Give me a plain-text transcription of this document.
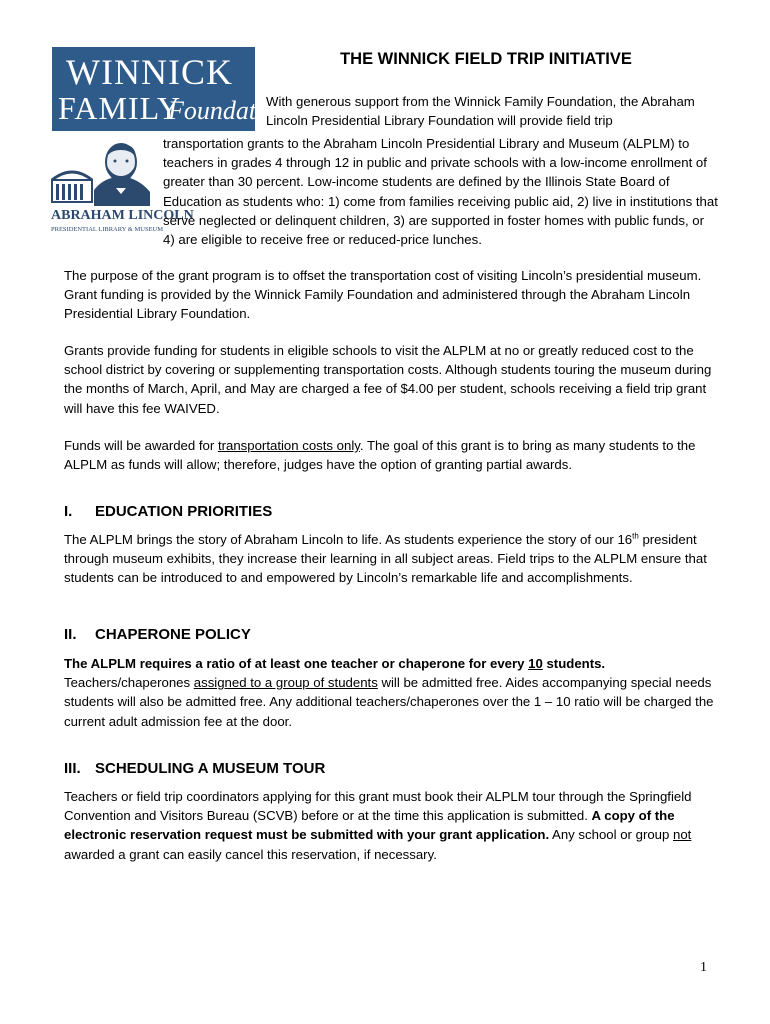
WINNICK
FAMILY
Foundation
ABRAHAM LINCOLN
PRESIDENTIAL LIBRARY & MUSEUM
THE WINNICK FIELD TRIP INITIATIVE

With generous support from the Winnick Family Foundation, the Abraham Lincoln Presidential Library Foundation will provide field trip

transportation grants to the Abraham Lincoln Presidential Library and Museum (ALPLM) to teachers in grades 4 through 12 in public and private schools with a low-income enrollment of greater than 30 percent. Low-income students are defined by the Illinois State Board of Education as students who: 1) come from families receiving public aid, 2) live in institutions that serve neglected or delinquent children, 3) are supported in foster homes with public funds, or 4) are eligible to receive free or reduced-price lunches.

The purpose of the grant program is to offset the transportation cost of visiting Lincoln’s presidential museum. Grant funding is provided by the Winnick Family Foundation and administered through the Abraham Lincoln Presidential Library Foundation.

Grants provide funding for students in eligible schools to visit the ALPLM at no or greatly reduced cost to the school district by covering or supplementing transportation costs. Although students touring the museum during the months of March, April, and May are charged a fee of $4.00 per student, schools receiving a field trip grant will have this fee WAIVED.

Funds will be awarded for transportation costs only. The goal of this grant is to bring as many students to the ALPLM as funds will allow; therefore, judges have the option of granting partial awards.

I. EDUCATION PRIORITIES

The ALPLM brings the story of Abraham Lincoln to life. As students experience the story of our 16th president through museum exhibits, they increase their learning in all subject areas. Field trips to the ALPLM ensure that students can be introduced to and empowered by Lincoln’s remarkable life and accomplishments.

II. CHAPERONE POLICY

The ALPLM requires a ratio of at least one teacher or chaperone for every 10 students.
Teachers/chaperones assigned to a group of students will be admitted free. Aides accompanying special needs students will also be admitted free. Any additional teachers/chaperones over the 1 – 10 ratio will be charged the current adult admission fee at the door.

III. SCHEDULING A MUSEUM TOUR

Teachers or field trip coordinators applying for this grant must book their ALPLM tour through the Springfield Convention and Visitors Bureau (SCVB) before or at the time this application is submitted. A copy of the electronic reservation request must be submitted with your grant application. Any school or group not awarded a grant can easily cancel this reservation, if necessary.

1
